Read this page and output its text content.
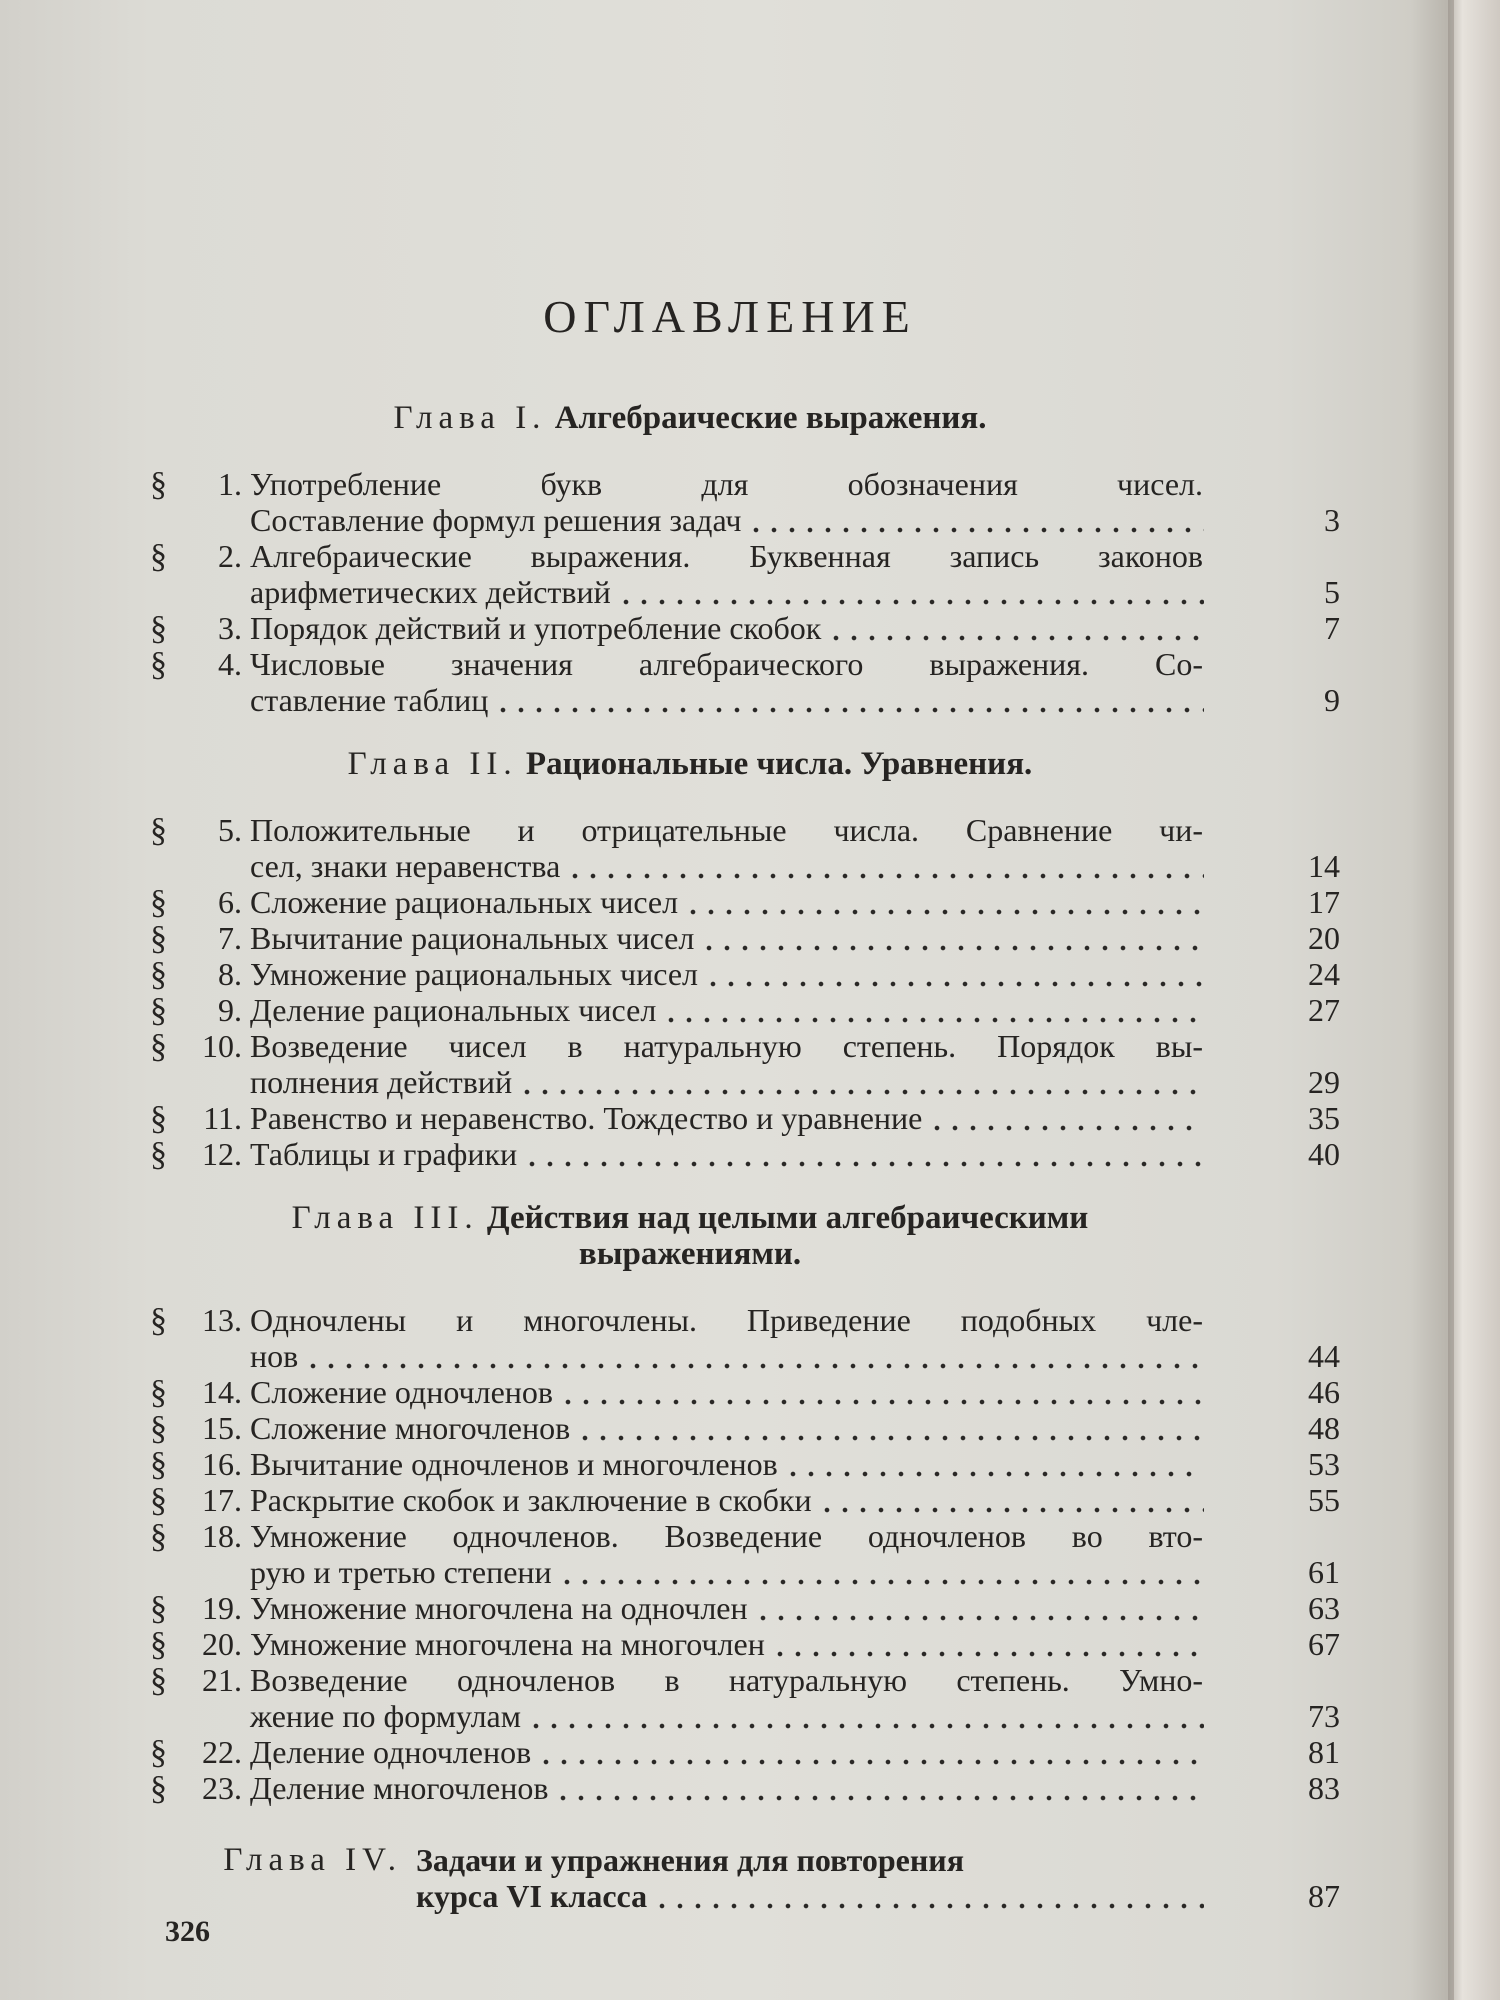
ОГЛАВЛЕНИЕ
Глава I. Алгебраические выражения.
§	1. Употребление букв для обозначения чисел.
Составление формул решения задач	3
§	2. Алгебраические выражения. Буквенная запись законов
арифметических действий	5
§	3. Порядок действий и употребление скобок	7
§	4. Числовые значения алгебраического выражения. Со-
ставление таблиц	9
Глава II. Рациональные числа. Уравнения.
§	5. Положительные и отрицательные числа. Сравнение чи-
сел, знаки неравенства	14
§	6. Сложение рациональных чисел	17
§	7. Вычитание рациональных чисел	20
§	8. Умножение рациональных чисел	24
§	9. Деление рациональных чисел	27
§	10. Возведение чисел в натуральную степень. Порядок вы-
полнения действий	29
§	11. Равенство и неравенство. Тождество и уравнение	35
§	12. Таблицы и графики	40
Глава III. Действия над целыми алгебраическими
выражениями.
§	13. Одночлены и многочлены. Приведение подобных чле-
нов	44
§	14. Сложение одночленов	46
§	15. Сложение многочленов	48
§	16. Вычитание одночленов и многочленов	53
§	17. Раскрытие скобок и заключение в скобки	55
§	18. Умножение одночленов. Возведение одночленов во вто-
рую и третью степени	61
§	19. Умножение многочлена на одночлен	63
§	20. Умножение многочлена на многочлен	67
§	21. Возведение одночленов в натуральную степень. Умно-
жение по формулам	73
§	22. Деление одночленов	81
§	23. Деление многочленов	83
Глава IV. Задачи и упражнения для повторения
курса VI класса	87
326
